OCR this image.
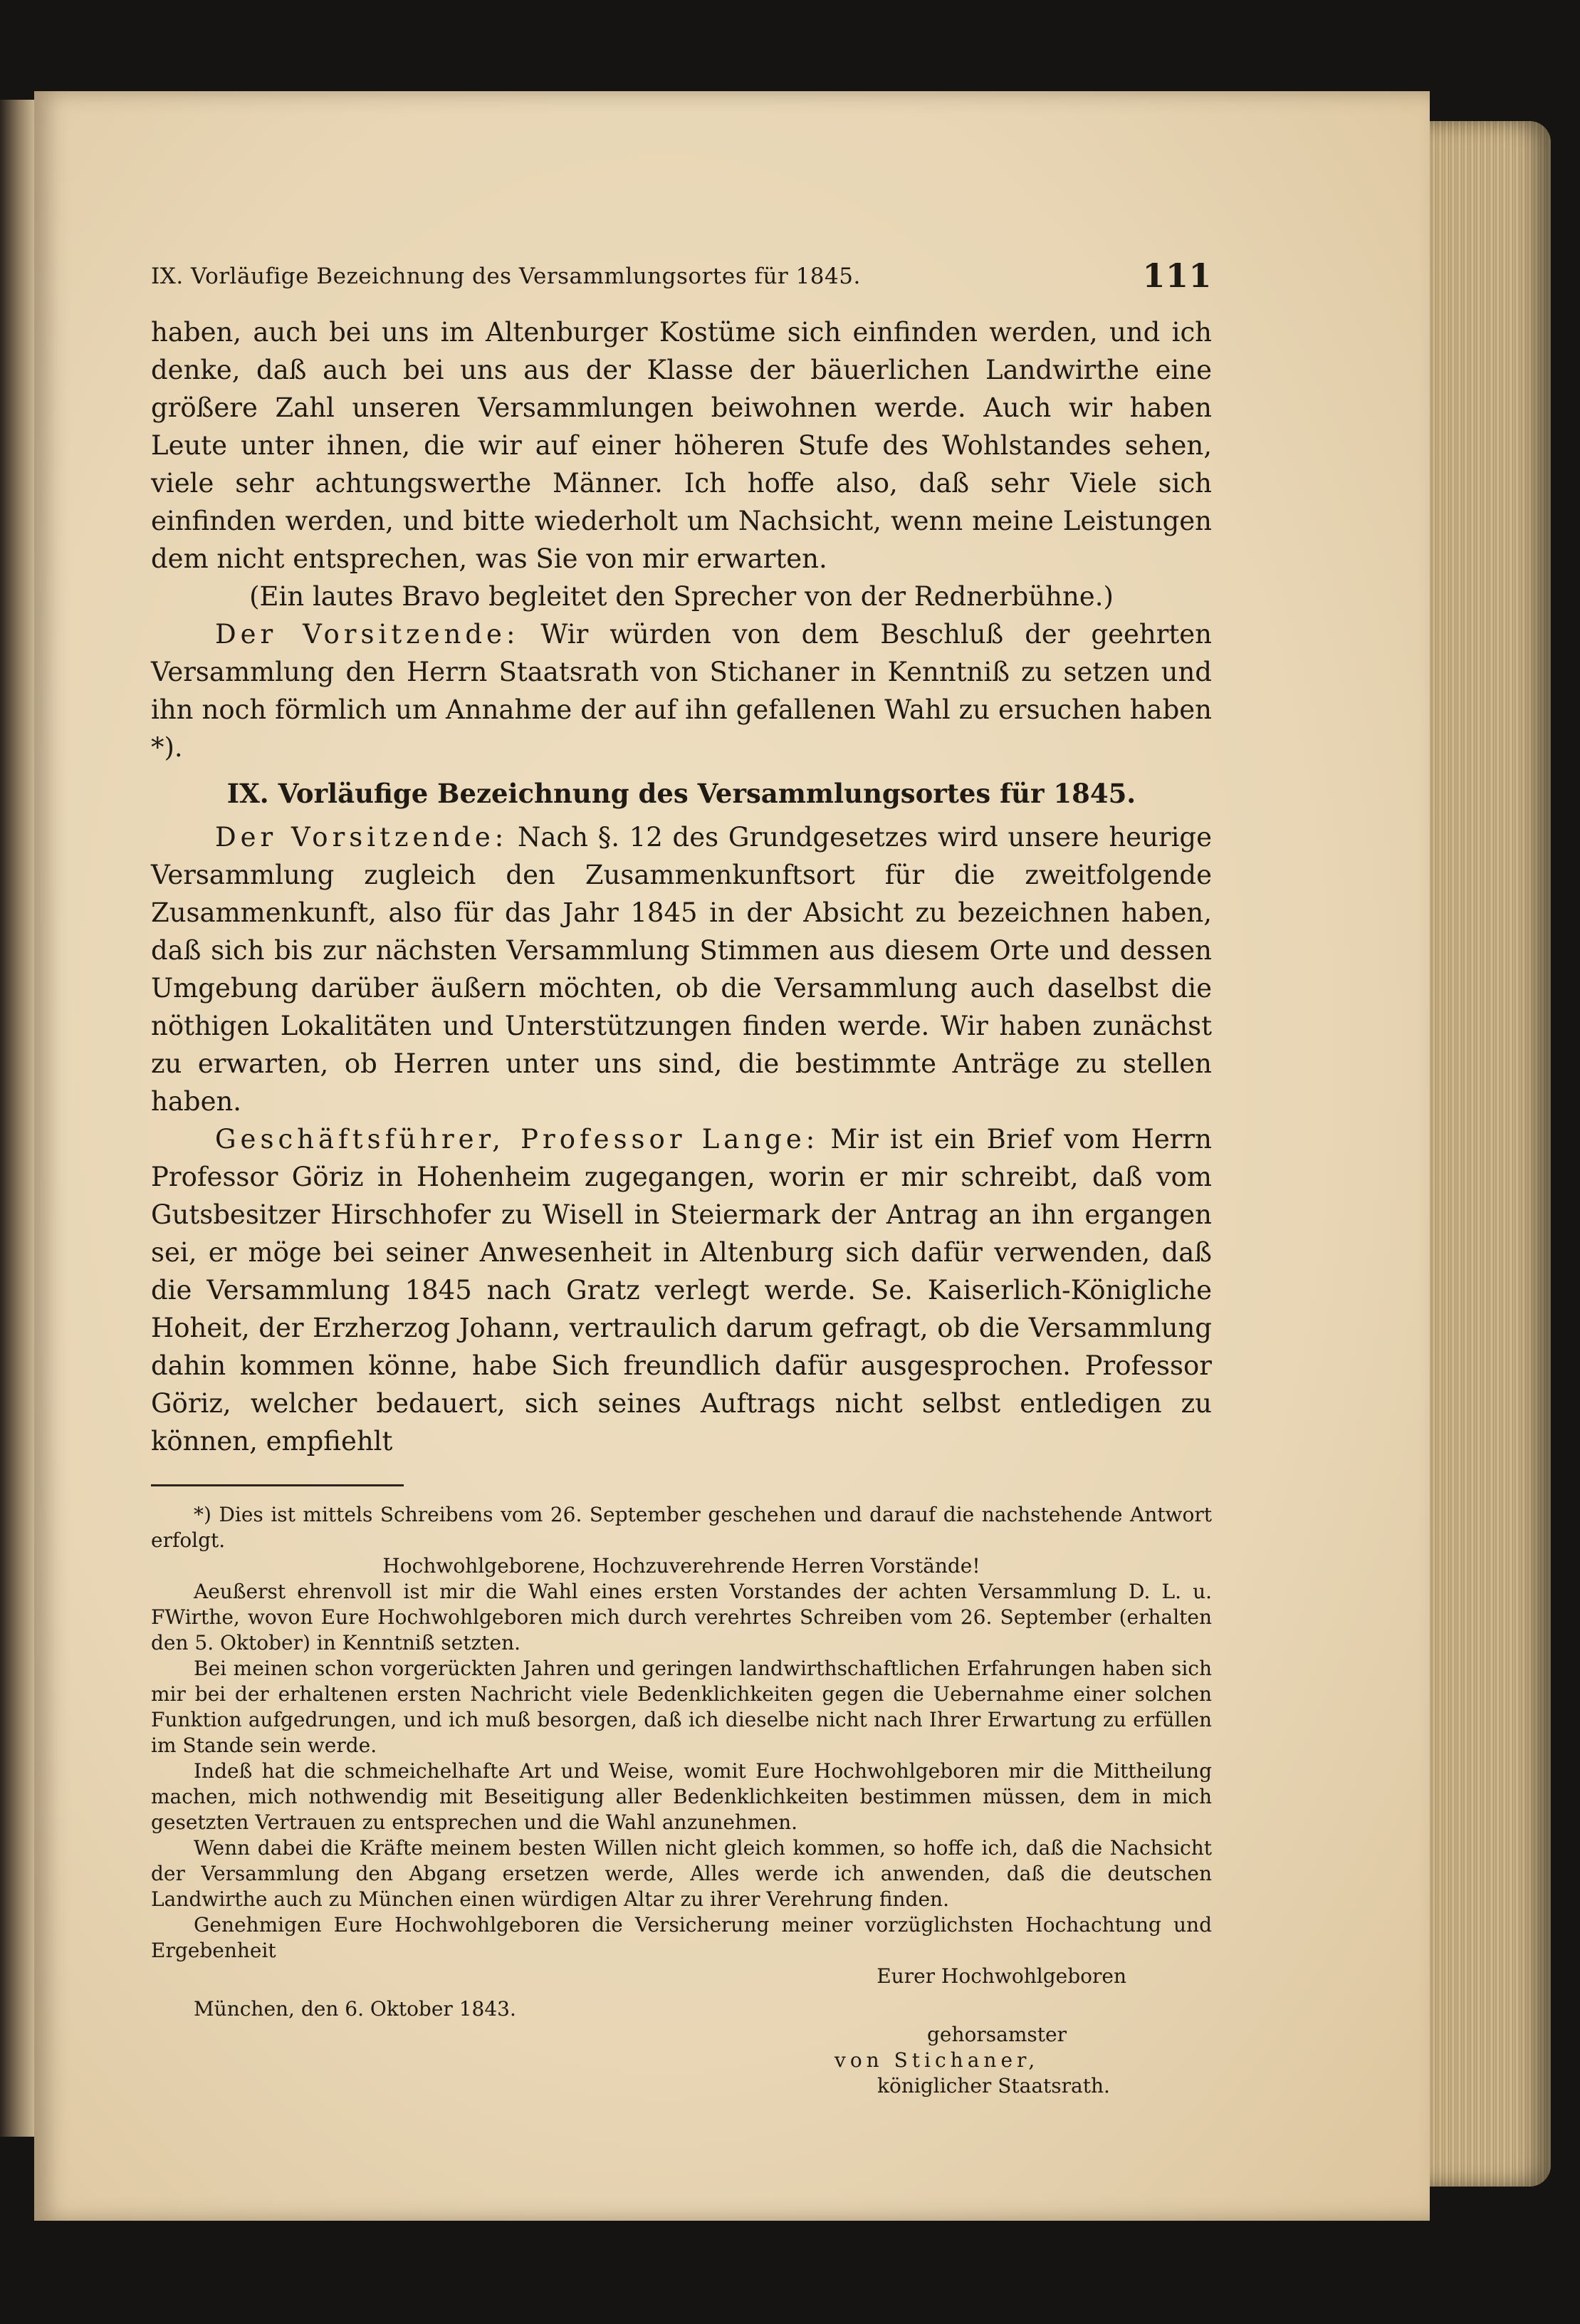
IX. Vorläufige Bezeichnung des Versammlungsortes für 1845.	111

haben, auch bei uns im Altenburger Kostüme sich einfinden werden, und ich denke, daß auch bei uns aus der Klasse der bäuerlichen Landwirthe eine größere Zahl unseren Versammlungen beiwohnen werde. Auch wir haben Leute unter ihnen, die wir auf einer höheren Stufe des Wohlstandes sehen, viele sehr achtungswerthe Männer. Ich hoffe also, daß sehr Viele sich einfinden werden, und bitte wiederholt um Nachsicht, wenn meine Leistungen dem nicht entsprechen, was Sie von mir erwarten.

(Ein lautes Bravo begleitet den Sprecher von der Rednerbühne.)

Der Vorsitzende: Wir würden von dem Beschluß der geehrten Versammlung den Herrn Staatsrath von Stichaner in Kenntniß zu setzen und ihn noch förmlich um Annahme der auf ihn gefallenen Wahl zu ersuchen haben *).

IX. Vorläufige Bezeichnung des Versammlungsortes für 1845.

Der Vorsitzende: Nach §. 12 des Grundgesetzes wird unsere heurige Versammlung zugleich den Zusammenkunftsort für die zweitfolgende Zusammenkunft, also für das Jahr 1845 in der Absicht zu bezeichnen haben, daß sich bis zur nächsten Versammlung Stimmen aus diesem Orte und dessen Umgebung darüber äußern möchten, ob die Versammlung auch daselbst die nöthigen Lokalitäten und Unterstützungen finden werde. Wir haben zunächst zu erwarten, ob Herren unter uns sind, die bestimmte Anträge zu stellen haben.

Geschäftsführer, Professor Lange: Mir ist ein Brief vom Herrn Professor Göriz in Hohenheim zugegangen, worin er mir schreibt, daß vom Gutsbesitzer Hirschhofer zu Wisell in Steiermark der Antrag an ihn ergangen sei, er möge bei seiner Anwesenheit in Altenburg sich dafür verwenden, daß die Versammlung 1845 nach Gratz verlegt werde. Se. Kaiserlich-Königliche Hoheit, der Erzherzog Johann, vertraulich darum gefragt, ob die Versammlung dahin kommen könne, habe Sich freundlich dafür ausgesprochen. Professor Göriz, welcher bedauert, sich seines Auftrags nicht selbst entledigen zu können, empfiehlt

*) Dies ist mittels Schreibens vom 26. September geschehen und darauf die nachstehende Antwort erfolgt.

Hochwohlgeborene, Hochzuverehrende Herren Vorstände!

Aeußerst ehrenvoll ist mir die Wahl eines ersten Vorstandes der achten Versammlung D. L. u. FWirthe, wovon Eure Hochwohlgeboren mich durch verehrtes Schreiben vom 26. September (erhalten den 5. Oktober) in Kenntniß setzten.

Bei meinen schon vorgerückten Jahren und geringen landwirthschaftlichen Erfahrungen haben sich mir bei der erhaltenen ersten Nachricht viele Bedenklichkeiten gegen die Uebernahme einer solchen Funktion aufgedrungen, und ich muß besorgen, daß ich dieselbe nicht nach Ihrer Erwartung zu erfüllen im Stande sein werde.

Indeß hat die schmeichelhafte Art und Weise, womit Eure Hochwohlgeboren mir die Mittheilung machen, mich nothwendig mit Beseitigung aller Bedenklichkeiten bestimmen müssen, dem in mich gesetzten Vertrauen zu entsprechen und die Wahl anzunehmen.

Wenn dabei die Kräfte meinem besten Willen nicht gleich kommen, so hoffe ich, daß die Nachsicht der Versammlung den Abgang ersetzen werde, Alles werde ich anwenden, daß die deutschen Landwirthe auch zu München einen würdigen Altar zu ihrer Verehrung finden.

Genehmigen Eure Hochwohlgeboren die Versicherung meiner vorzüglichsten Hochachtung und Ergebenheit

Eurer Hochwohlgeboren

München, den 6. Oktober 1843.

gehorsamster

von Stichaner,

königlicher Staatsrath.
